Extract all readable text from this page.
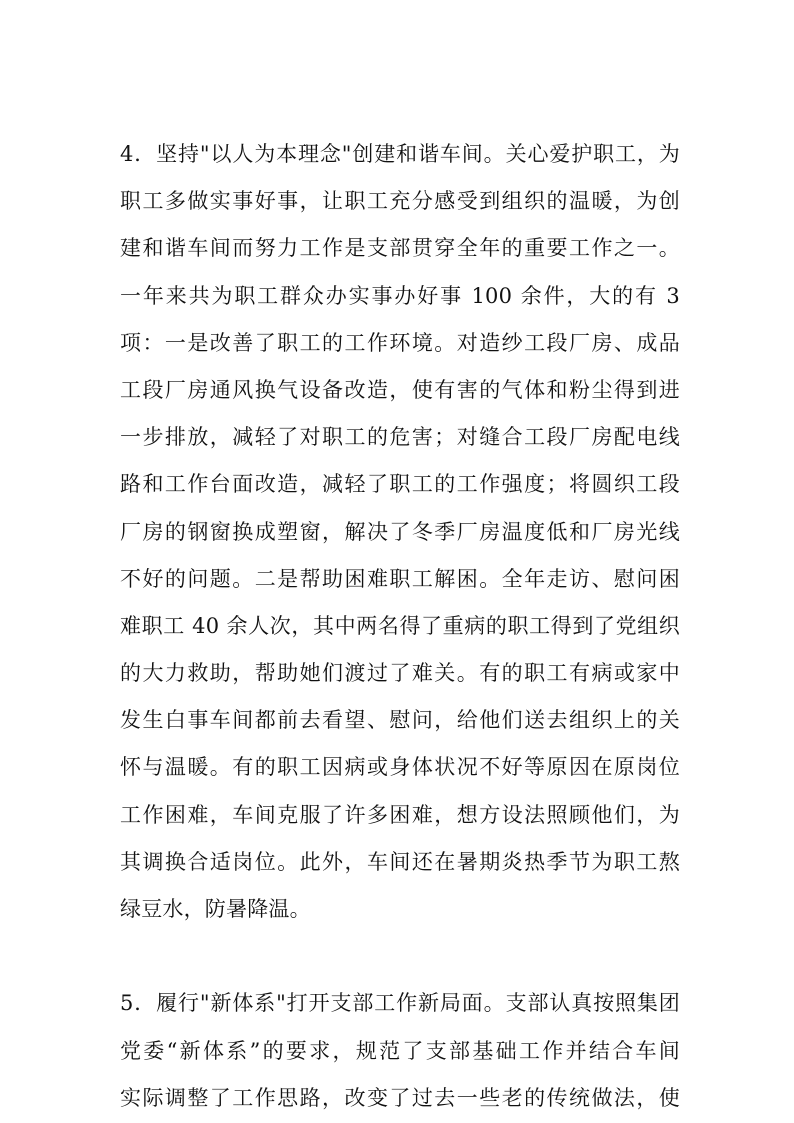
4．坚持"以人为本理念"创建和谐车间。关心爱护职工，为
职工多做实事好事，让职工充分感受到组织的温暖，为创
建和谐车间而努力工作是支部贯穿全年的重要工作之一。
一年来共为职工群众办实事办好事 100 余件，大的有 3
项：一是改善了职工的工作环境。对造纱工段厂房、成品
工段厂房通风换气设备改造，使有害的气体和粉尘得到进
一步排放，减轻了对职工的危害；对缝合工段厂房配电线
路和工作台面改造，减轻了职工的工作强度；将圆织工段
厂房的钢窗换成塑窗，解决了冬季厂房温度低和厂房光线
不好的问题。二是帮助困难职工解困。全年走访、慰问困
难职工 40 余人次，其中两名得了重病的职工得到了党组织
的大力救助，帮助她们渡过了难关。有的职工有病或家中
发生白事车间都前去看望、慰问，给他们送去组织上的关
怀与温暖。有的职工因病或身体状况不好等原因在原岗位
工作困难，车间克服了许多困难，想方设法照顾他们，为
其调换合适岗位。此外，车间还在暑期炎热季节为职工熬
绿豆水，防暑降温。
5．履行"新体系"打开支部工作新局面。支部认真按照集团
党委“新体系”的要求，规范了支部基础工作并结合车间
实际调整了工作思路，改变了过去一些老的传统做法，使
